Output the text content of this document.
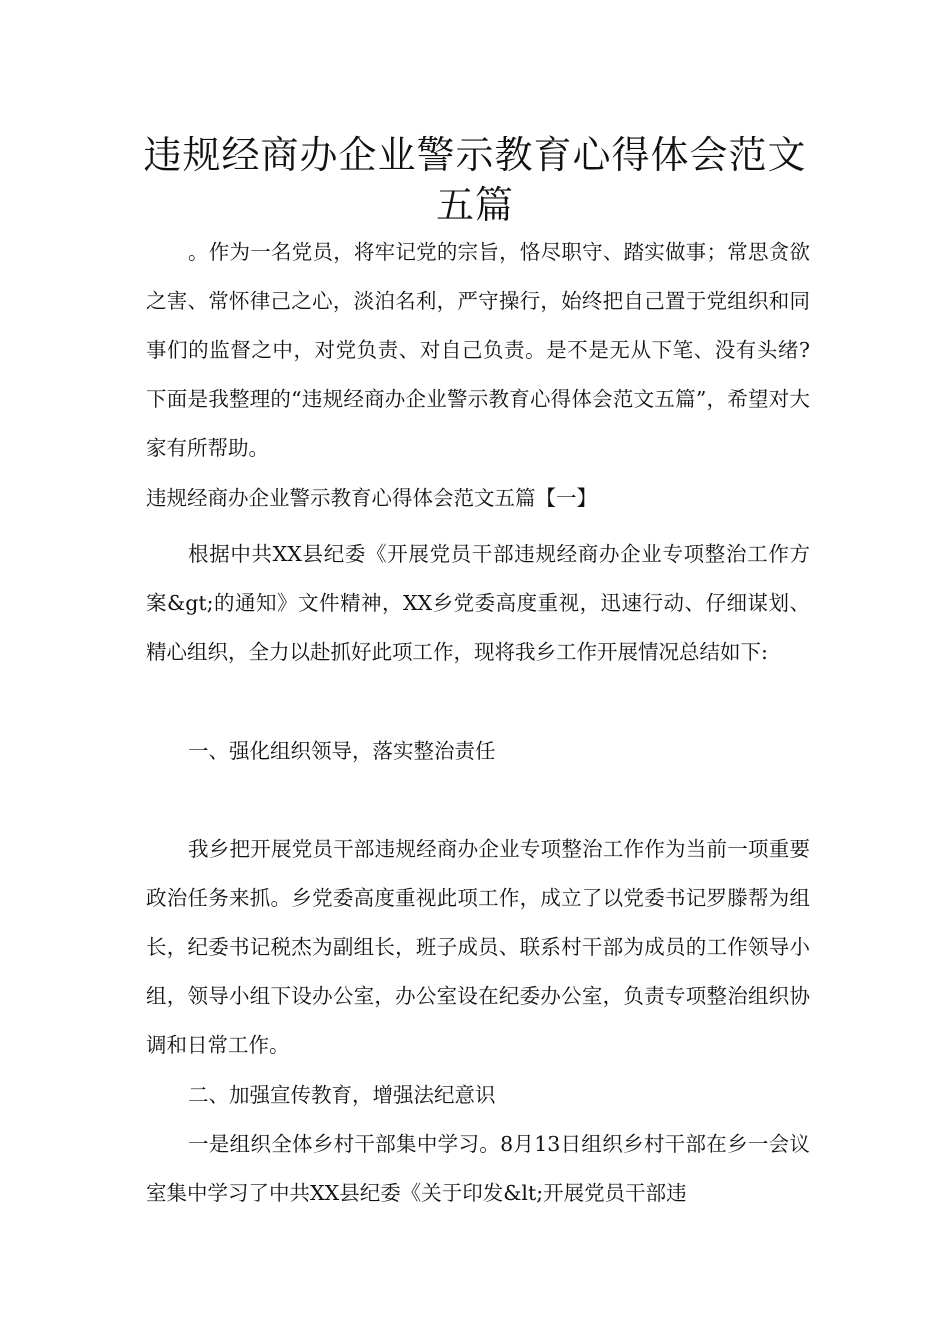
违规经商办企业警示教育心得体会范文
五篇

。作为一名党员，将牢记党的宗旨，恪尽职守、踏实做事；常思贪欲之害、常怀律己之心，淡泊名利，严守操行，始终把自己置于党组织和同事们的监督之中，对党负责、对自己负责。是不是无从下笔、没有头绪?下面是我整理的“违规经商办企业警示教育心得体会范文五篇”，希望对大家有所帮助。

违规经商办企业警示教育心得体会范文五篇【一】

根据中共XX县纪委《开展党员干部违规经商办企业专项整治工作方案&gt;的通知》文件精神，XX乡党委高度重视，迅速行动、仔细谋划、精心组织，全力以赴抓好此项工作，现将我乡工作开展情况总结如下:

一、强化组织领导，落实整治责任

我乡把开展党员干部违规经商办企业专项整治工作作为当前一项重要政治任务来抓。乡党委高度重视此项工作，成立了以党委书记罗滕帮为组长，纪委书记税杰为副组长，班子成员、联系村干部为成员的工作领导小组，领导小组下设办公室，办公室设在纪委办公室，负责专项整治组织协调和日常工作。

二、加强宣传教育，增强法纪意识

一是组织全体乡村干部集中学习。8月13日组织乡村干部在乡一会议室集中学习了中共XX县纪委《关于印发&lt;开展党员干部违
